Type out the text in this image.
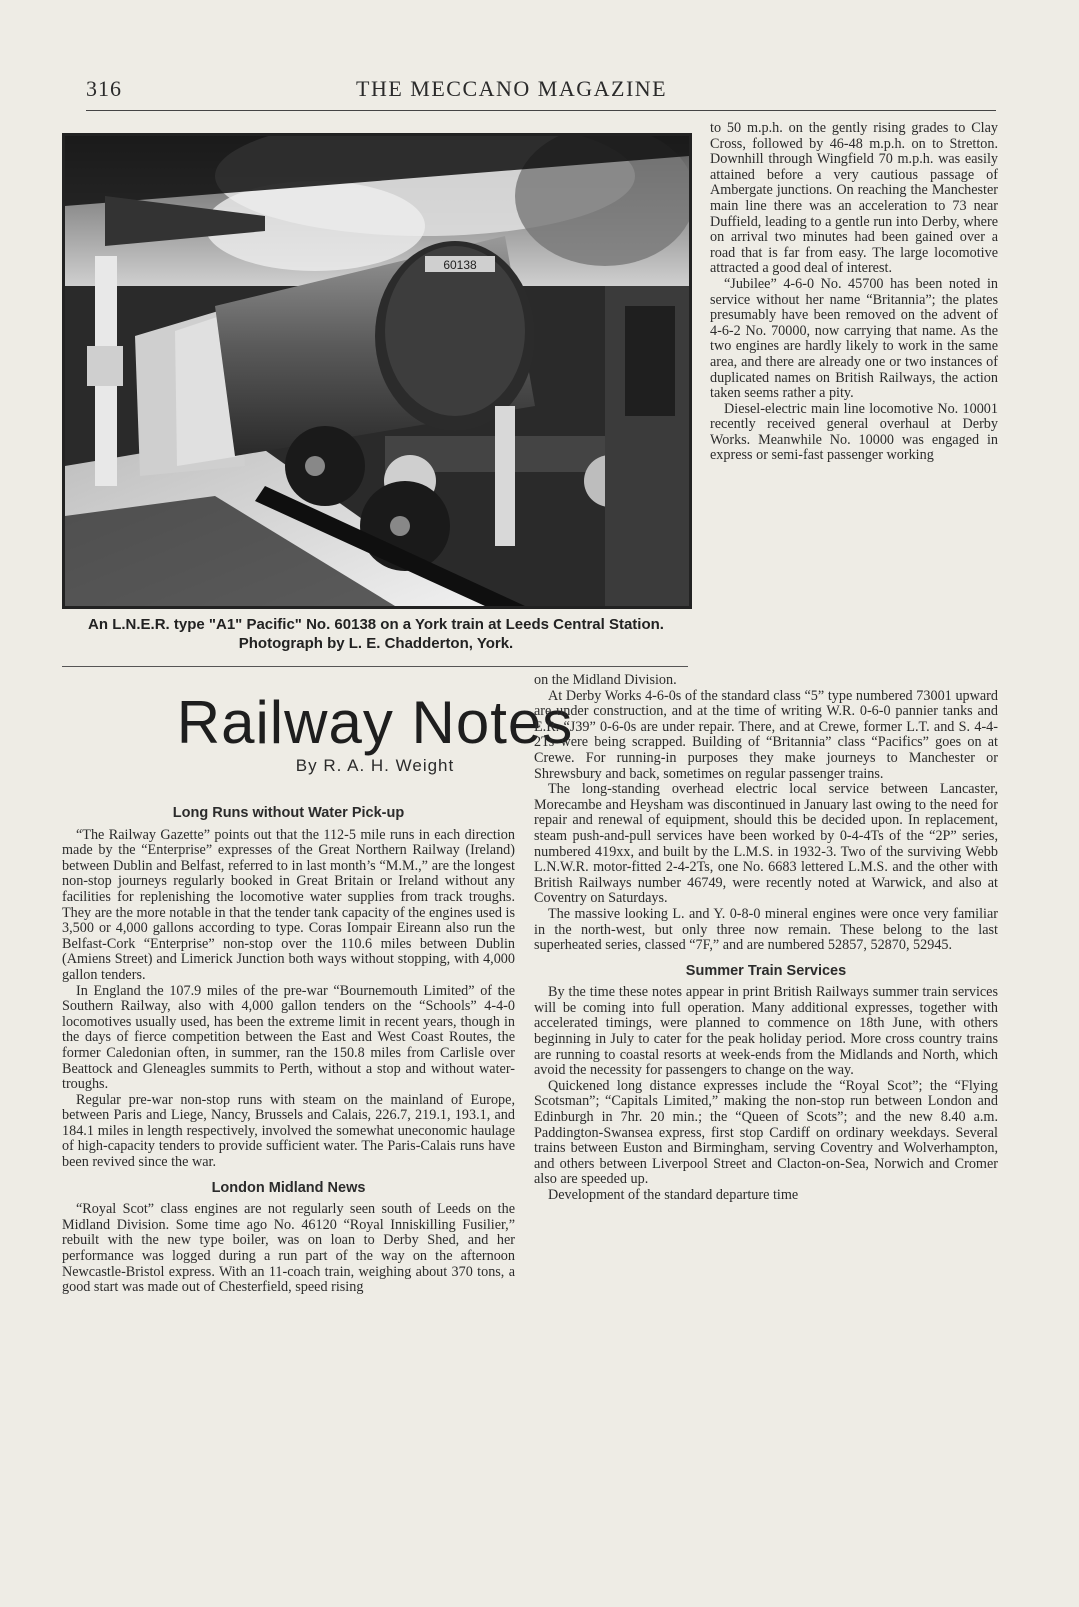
316	THE MECCANO MAGAZINE
60138
An L.N.E.R. type "A1" Pacific" No. 60138 on a York train at Leeds Central Station. Photograph by L. E. Chadderton, York.
Railway Notes
By R. A. H. Weight
Long Runs without Water Pick-up

“The Railway Gazette” points out that the 112-5 mile runs in each direction made by the “Enterprise” expresses of the Great Northern Railway (Ireland) between Dublin and Belfast, referred to in last month’s “M.M.,” are the longest non-stop journeys regularly booked in Great Britain or Ireland without any facilities for replenishing the locomotive water supplies from track troughs. They are the more notable in that the tender tank capacity of the engines used is 3,500 or 4,000 gallons according to type. Coras Iompair Eireann also run the Belfast-Cork “Enterprise” non-stop over the 110.6 miles between Dublin (Amiens Street) and Limerick Junction both ways without stopping, with 4,000 gallon tenders.

In England the 107.9 miles of the pre-war “Bournemouth Limited” of the Southern Railway, also with 4,000 gallon tenders on the “Schools” 4-4-0 locomotives usually used, has been the extreme limit in recent years, though in the days of fierce competition between the East and West Coast Routes, the former Caledonian often, in summer, ran the 150.8 miles from Carlisle over Beattock and Gleneagles summits to Perth, without a stop and without water-troughs.

Regular pre-war non-stop runs with steam on the mainland of Europe, between Paris and Liege, Nancy, Brussels and Calais, 226.7, 219.1, 193.1, and 184.1 miles in length respectively, involved the somewhat uneconomic haulage of high-capacity tenders to provide sufficient water. The Paris-Calais runs have been revived since the war.

London Midland News

“Royal Scot” class engines are not regularly seen south of Leeds on the Midland Division. Some time ago No. 46120 “Royal Inniskilling Fusilier,” rebuilt with the new type boiler, was on loan to Derby Shed, and her performance was logged during a run part of the way on the afternoon Newcastle-Bristol express. With an 11-coach train, weighing about 370 tons, a good start was made out of Chesterfield, speed rising

to 50 m.p.h. on the gently rising grades to Clay Cross, followed by 46-48 m.p.h. on to Stretton. Downhill through Wingfield 70 m.p.h. was easily attained before a very cautious passage of Ambergate junctions. On reaching the Manchester main line there was an acceleration to 73 near Duffield, leading to a gentle run into Derby, where on arrival two minutes had been gained over a road that is far from easy. The large locomotive attracted a good deal of interest.

“Jubilee” 4-6-0 No. 45700 has been noted in service without her name “Britannia”; the plates presumably have been removed on the advent of 4-6-2 No. 70000, now carrying that name. As the two engines are hardly likely to work in the same area, and there are already one or two instances of duplicated names on British Railways, the action taken seems rather a pity.

Diesel-electric main line locomotive No. 10001 recently received general overhaul at Derby Works. Meanwhile No. 10000 was engaged in express or semi-fast passenger working

on the Midland Division.

At Derby Works 4-6-0s of the standard class “5” type numbered 73001 upward are under construction, and at the time of writing W.R. 0-6-0 pannier tanks and E.R. “J39” 0-6-0s are under repair. There, and at Crewe, former L.T. and S. 4-4-2Ts were being scrapped. Building of “Britannia” class “Pacifics” goes on at Crewe. For running-in purposes they make journeys to Manchester or Shrewsbury and back, sometimes on regular passenger trains.

The long-standing overhead electric local service between Lancaster, Morecambe and Heysham was discontinued in January last owing to the need for repair and renewal of equipment, should this be decided upon. In replacement, steam push-and-pull services have been worked by 0-4-4Ts of the “2P” series, numbered 419xx, and built by the L.M.S. in 1932-3. Two of the surviving Webb L.N.W.R. motor-fitted 2-4-2Ts, one No. 6683 lettered L.M.S. and the other with British Railways number 46749, were recently noted at Warwick, and also at Coventry on Saturdays.

The massive looking L. and Y. 0-8-0 mineral engines were once very familiar in the north-west, but only three now remain. These belong to the last superheated series, classed “7F,” and are numbered 52857, 52870, 52945.

Summer Train Services

By the time these notes appear in print British Railways summer train services will be coming into full operation. Many additional expresses, together with accelerated timings, were planned to commence on 18th June, with others beginning in July to cater for the peak holiday period. More cross country trains are running to coastal resorts at week-ends from the Midlands and North, which avoid the necessity for passengers to change on the way.

Quickened long distance expresses include the “Royal Scot”; the “Flying Scotsman”; “Capitals Limited,” making the non-stop run between London and Edinburgh in 7hr. 20 min.; the “Queen of Scots”; and the new 8.40 a.m. Paddington-Swansea express, first stop Cardiff on ordinary weekdays. Several trains between Euston and Birmingham, serving Coventry and Wolverhampton, and others between Liverpool Street and Clacton-on-Sea, Norwich and Cromer also are speeded up.

Development of the standard departure time
